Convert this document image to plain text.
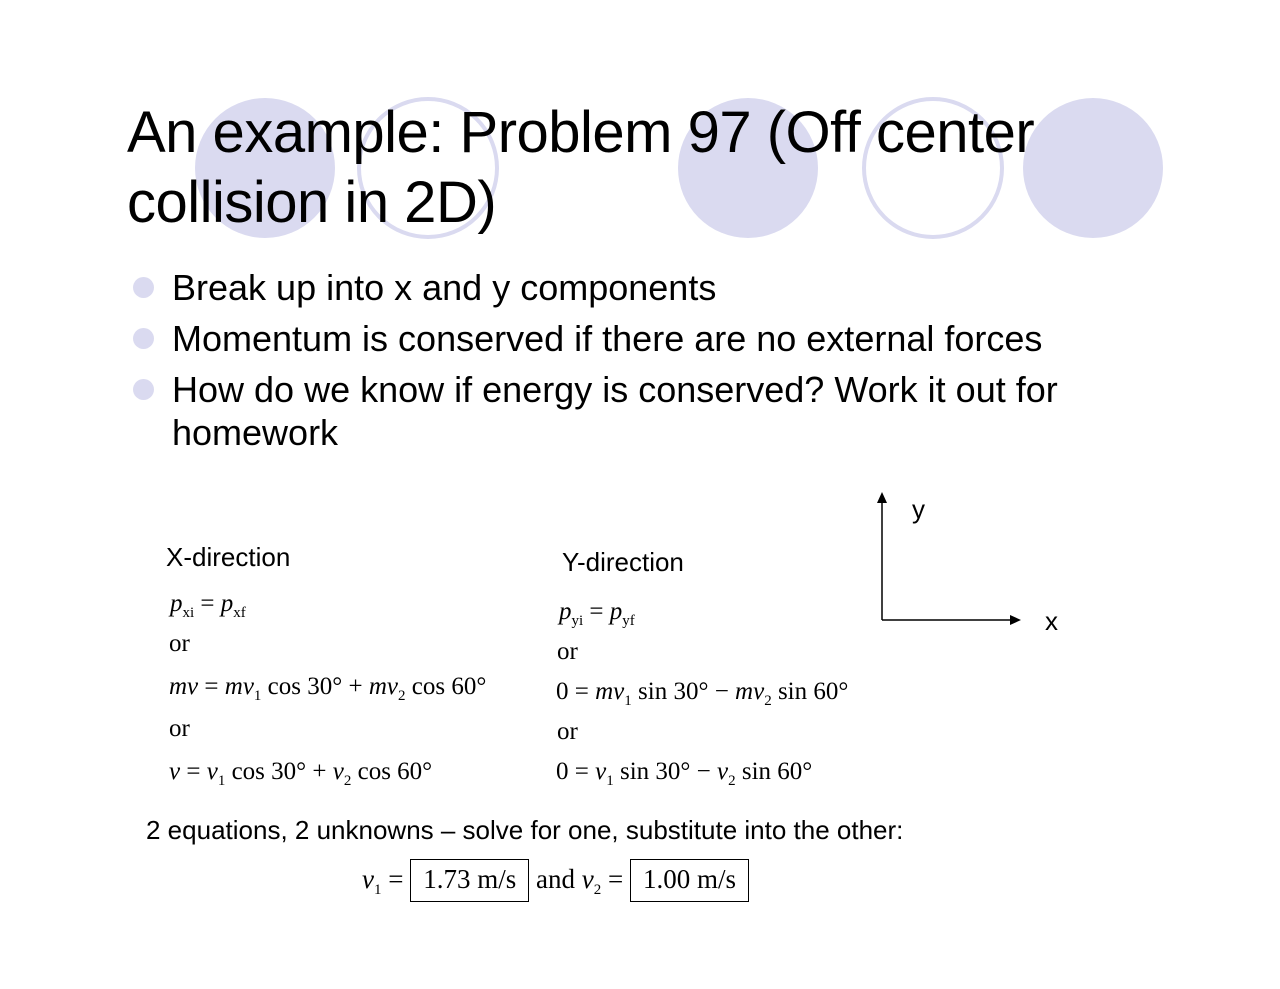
An example: Problem 97 (Off center collision in 2D)
Break up into x and y components
Momentum is conserved if there are no external forces
How do we know if energy is conserved? Work it out for homework
X-direction
$p_{xi} = p_{xf}$
or
mv = $mv_1$ $\cos 30^\circ + mv_2$ cos 60°
or
$v = v_1$ $\cos 30^\circ + v_2$ cos 60°
Y-direction
$p_{yi} = p_{yf}$
or
$0 = mv_1$ $\sin 30^\circ - mv_2$ sin 60°
or
$0 = v_1$ $\sin 30^\circ - v_2$ sin 60°
y
x
2 equations, 2 unknowns – solve for one, substitute into the other:
$v_1 = 1.73$ m/s and $v_2 = 1.00$ m/s
